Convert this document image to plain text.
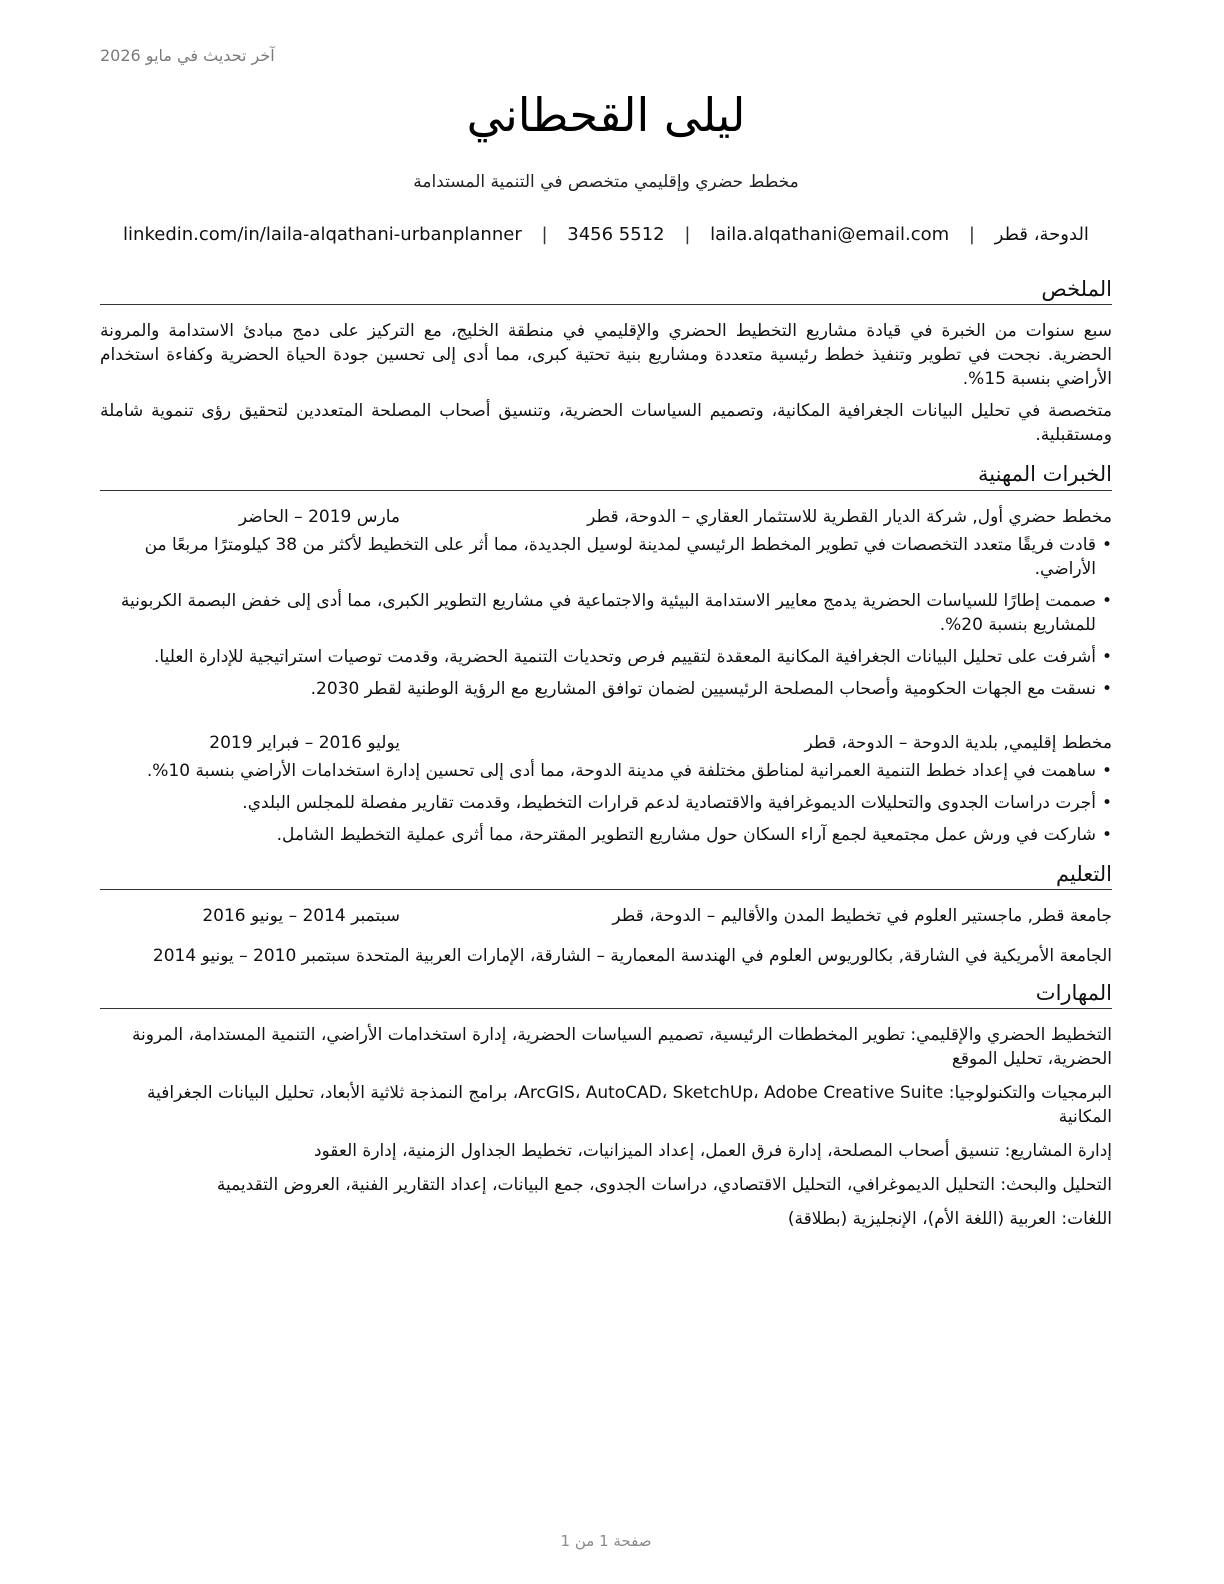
آخر تحديث في مايو 2026
ليلى القحطاني
مخطط حضري وإقليمي متخصص في التنمية المستدامة
الدوحة، قطر | laila.alqathani@email.com | 3456 5512 | linkedin.com/in/laila-alqathani-urbanplanner
الملخص

سبع سنوات من الخبرة في قيادة مشاريع التخطيط الحضري والإقليمي في منطقة الخليج، مع التركيز على دمج مبادئ الاستدامة والمرونة الحضرية. نجحت في تطوير وتنفيذ خطط رئيسية متعددة ومشاريع بنية تحتية كبرى، مما أدى إلى تحسين جودة الحياة الحضرية وكفاءة استخدام الأراضي بنسبة 15%.

متخصصة في تحليل البيانات الجغرافية المكانية، وتصميم السياسات الحضرية، وتنسيق أصحاب المصلحة المتعددين لتحقيق رؤى تنموية شاملة ومستقبلية.

الخبرات المهنية
مخطط حضري أول, شركة الديار القطرية للاستثمار العقاري – الدوحة، قطر
مارس 2019 – الحاضر
• قادت فريقًا متعدد التخصصات في تطوير المخطط الرئيسي لمدينة لوسيل الجديدة، مما أثر على التخطيط لأكثر من 38 كيلومترًا مربعًا من الأراضي.
• صممت إطارًا للسياسات الحضرية يدمج معايير الاستدامة البيئية والاجتماعية في مشاريع التطوير الكبرى، مما أدى إلى خفض البصمة الكربونية للمشاريع بنسبة 20%.
• أشرفت على تحليل البيانات الجغرافية المكانية المعقدة لتقييم فرص وتحديات التنمية الحضرية، وقدمت توصيات استراتيجية للإدارة العليا.
• نسقت مع الجهات الحكومية وأصحاب المصلحة الرئيسيين لضمان توافق المشاريع مع الرؤية الوطنية لقطر 2030.
مخطط إقليمي, بلدية الدوحة – الدوحة، قطر
يوليو 2016 – فبراير 2019
• ساهمت في إعداد خطط التنمية العمرانية لمناطق مختلفة في مدينة الدوحة، مما أدى إلى تحسين إدارة استخدامات الأراضي بنسبة 10%.
• أجرت دراسات الجدوى والتحليلات الديموغرافية والاقتصادية لدعم قرارات التخطيط، وقدمت تقارير مفصلة للمجلس البلدي.
• شاركت في ورش عمل مجتمعية لجمع آراء السكان حول مشاريع التطوير المقترحة، مما أثرى عملية التخطيط الشامل.
التعليم
جامعة قطر, ماجستير العلوم في تخطيط المدن والأقاليم – الدوحة، قطر
سبتمبر 2014 – يونيو 2016
الجامعة الأمريكية في الشارقة, بكالوريوس العلوم في الهندسة المعمارية – الشارقة، الإمارات العربية المتحدة سبتمبر 2010 – يونيو 2014
المهارات

التخطيط الحضري والإقليمي: تطوير المخططات الرئيسية، تصميم السياسات الحضرية، إدارة استخدامات الأراضي، التنمية المستدامة، المرونة الحضرية، تحليل الموقع

البرمجيات والتكنولوجيا: ArcGIS، AutoCAD، SketchUp، Adobe Creative Suite، برامج النمذجة ثلاثية الأبعاد، تحليل البيانات الجغرافية المكانية

إدارة المشاريع: تنسيق أصحاب المصلحة، إدارة فرق العمل، إعداد الميزانيات، تخطيط الجداول الزمنية، إدارة العقود

التحليل والبحث: التحليل الديموغرافي، التحليل الاقتصادي، دراسات الجدوى، جمع البيانات، إعداد التقارير الفنية، العروض التقديمية

اللغات: العربية (اللغة الأم)، الإنجليزية (بطلاقة)

صفحة 1 من 1
